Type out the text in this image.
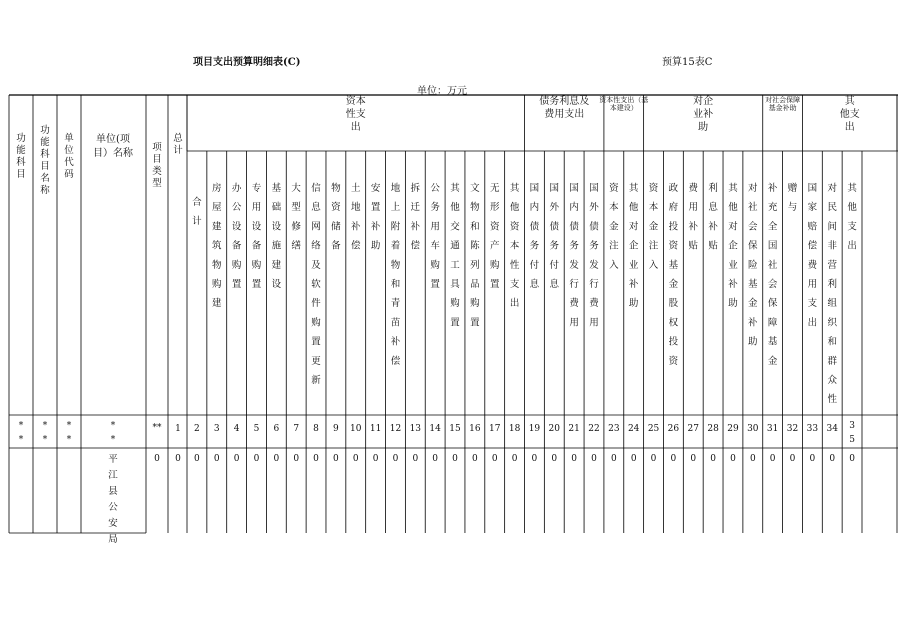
项目支出预算明细表(C)	预算15表C
单位：万元
功
能
科
目
功
能
科
目
名
称
单
位
代
码
单位(项
目）名称
项
目
类
型
总
计
资本
性支
出
债务利息及
费用支出
资本性支出（基
本建设）
对企
业补
助
对社会保障
基金补助
其
他支
出
合
计
房
屋
建
筑
物
购
建
办
公
设
备
购
置
专
用
设
备
购
置
基
础
设
施
建
设
大
型
修
缮
信
息
网
络
及
软
件
购
置
更
新
物
资
储
备
土
地
补
偿
安
置
补
助
地
上
附
着
物
和
青
苗
补
偿
拆
迁
补
偿
公
务
用
车
购
置
其
他
交
通
工
具
购
置
文
物
和
陈
列
品
购
置
无
形
资
产
购
置
其
他
资
本
性
支
出
国
内
债
务
付
息
国
外
债
务
付
息
国
内
债
务
发
行
费
用
国
外
债
务
发
行
费
用
资
本
金
注
入
其
他
对
企
业
补
助
资
本
金
注
入
政
府
投
资
基
金
股
权
投
资
费
用
补
贴
利
息
补
贴
其
他
对
企
业
补
助
对
社
会
保
险
基
金
补
助
补
充
全
国
社
会
保
障
基
金
赠
与
国
家
赔
偿
费
用
支
出
对
民
间
非
营
利
组
织
和
群
众
性
其
他
支
出
*
*
*
*
*
*
*
*
** 1 2 3 4 5 6 7 8 9 10 11 12 13 14 15 16 17 18 19 20 21 22 23 24 25 26 27 28 29 30 31 32 33 34 3
5
平
江
县
公
安
局
0 0 0 0 0 0 0 0 0 0 0 0 0 0 0 0 0 0 0 0 0 0 0 0 0 0 0 0 0 0 0 0 0 0 0 0
